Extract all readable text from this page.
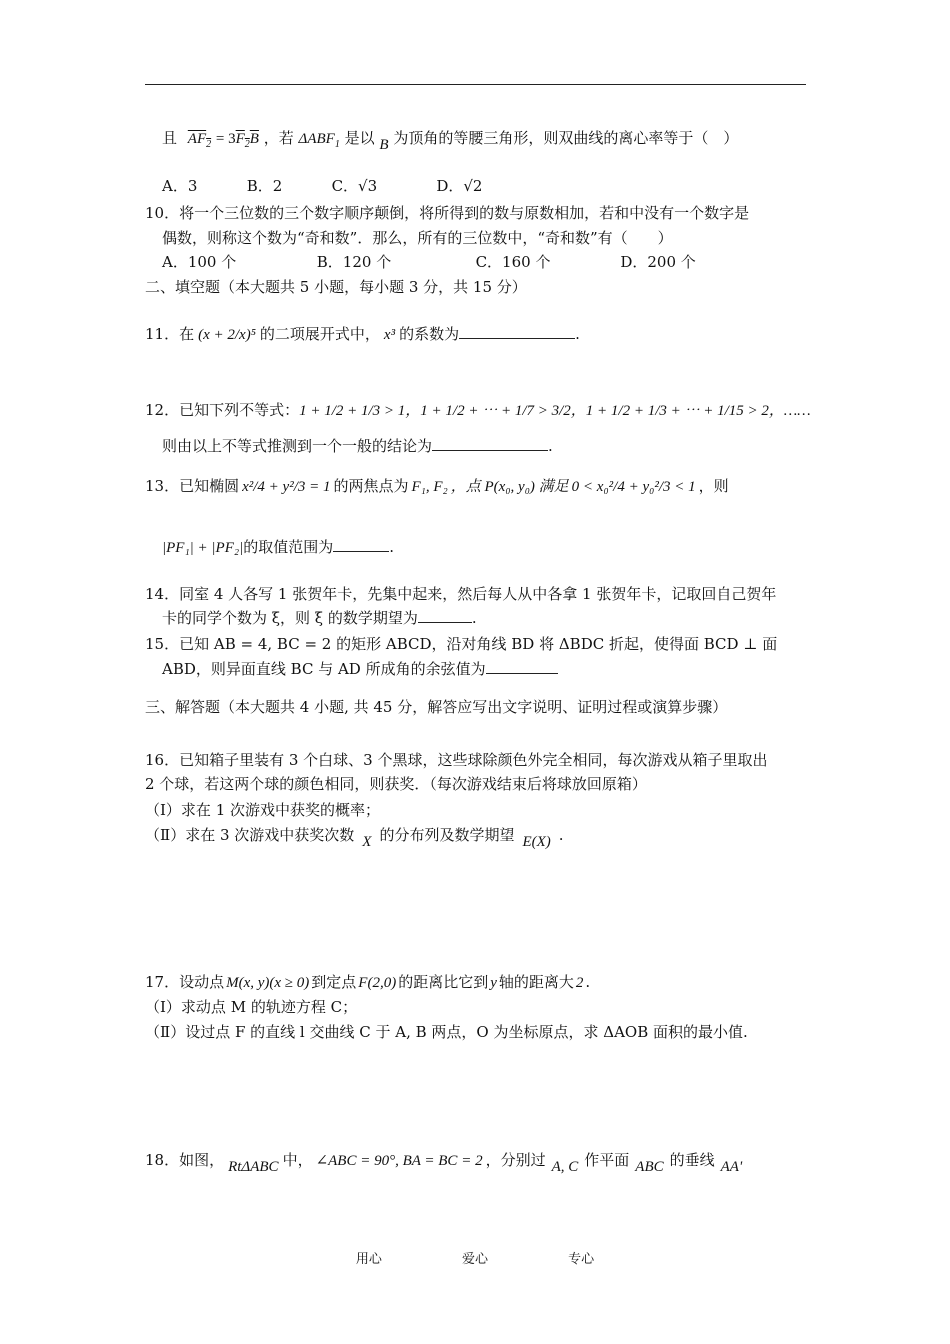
且 $AF_2 = 3F_2B$ ，若 $\Delta ABF_1$ 是以 B 为顶角的等腰三角形，则双曲线的离心率等于（　）
A．3	B．2	C．√3	D．√2
10．将一个三位数的三个数字顺序颠倒，将所得到的数与原数相加，若和中没有一个数字是
偶数，则称这个数为“奇和数”．那么，所有的三位数中，“奇和数”有（　　）
A．100 个	B．120 个	C．160 个	D．200 个
二、填空题（本大题共 5 小题，每小题 3 分，共 15 分）
11．在 (x + 2/x)⁵ 的二项展开式中， x³ 的系数为	.
12．已知下列不等式：1 + 1/2 + 1/3 > 1，1 + 1/2 + ⋯ + 1/7 > 3/2，1 + 1/2 + 1/3 + ⋯ + 1/15 > 2，……
则由以上不等式推测到一个一般的结论为	.
13．已知椭圆 x²/4 + y²/3 = 1 的两焦点为 F₁, F₂ ，点 P(x₀, y₀) 满足 0 < x₀²/4 + y₀²/3 < 1 ，则
|PF₁| + |PF₂|的取值范围为	.
14．同室 4 人各写 1 张贺年卡，先集中起来，然后每人从中各拿 1 张贺年卡，记取回自己贺年
卡的同学个数为 ξ，则 ξ 的数学期望为	.
15．已知 AB = 4, BC = 2 的矩形 ABCD，沿对角线 BD 将 ΔBDC 折起，使得面 BCD ⊥ 面
ABD，则异面直线 BC 与 AD 所成角的余弦值为
三、解答题（本大题共 4 小题, 共 45 分，解答应写出文字说明、证明过程或演算步骤）
16．已知箱子里装有 3 个白球、3 个黑球，这些球除颜色外完全相同，每次游戏从箱子里取出
2 个球，若这两个球的颜色相同，则获奖．（每次游戏结束后将球放回原箱）
（Ⅰ）求在 1 次游戏中获奖的概率；
（Ⅱ）求在 3 次游戏中获奖次数 X 的分布列及数学期望 E(X) .
17．设动点 M(x, y)(x ≥ 0) 到定点 F(2,0) 的距离比它到 y 轴的距离大 2 .
（Ⅰ）求动点 M 的轨迹方程 C；
（Ⅱ）设过点 F 的直线 l 交曲线 C 于 A, B 两点，O 为坐标原点，求 ΔAOB 面积的最小值.
18．如图， RtΔABC 中， ∠ABC = 90°, BA = BC = 2 ，分别过 A, C 作平面 ABC 的垂线 AA'
用心	爱心	专心
